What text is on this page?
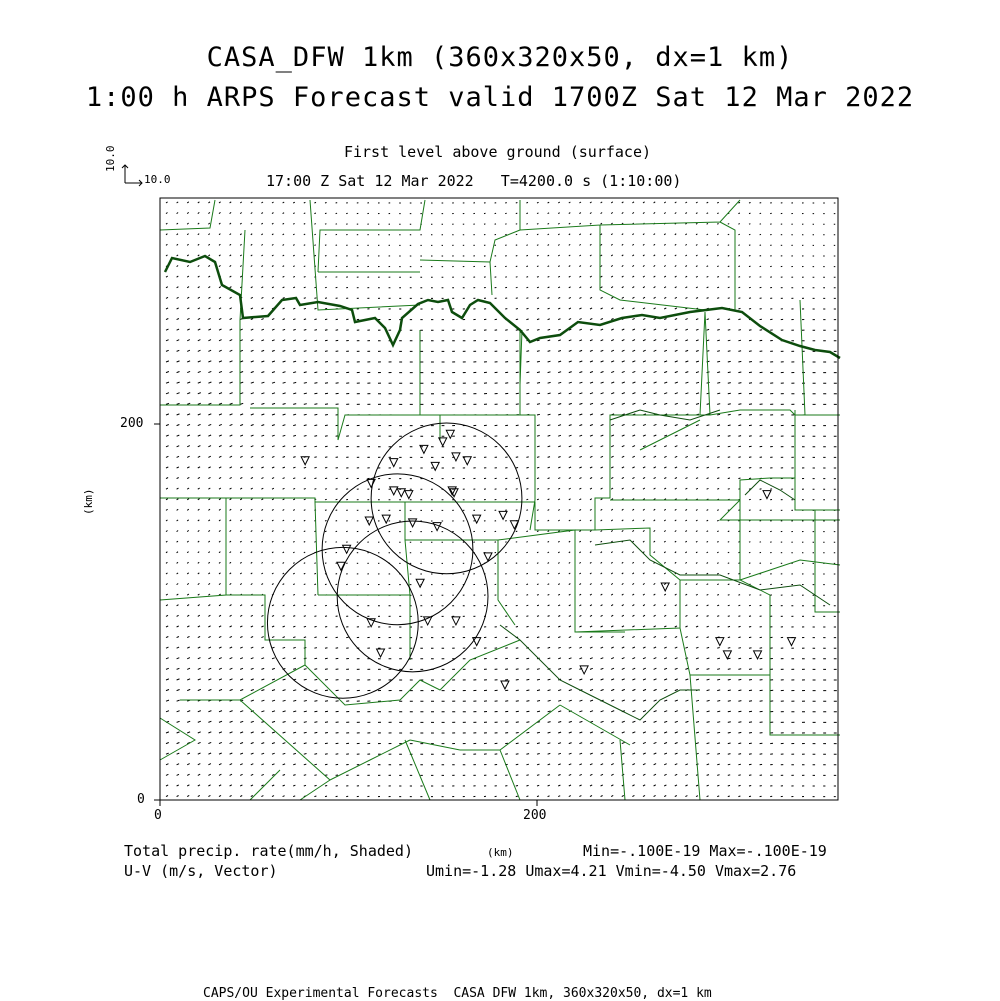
CASA_DFW 1km (360x320x50, dx=1 km)
1:00 h ARPS Forecast valid 1700Z Sat 12 Mar 2022
First level above ground (surface)
17:00 Z Sat 12 Mar 2022   T=4200.0 s (1:10:00)
10.0
10.0
0	200
0
200
(km)
(km)
Total precip. rate(mm/h, Shaded)	Min=-.100E-19 Max=-.100E-19
U-V (m/s, Vector)	Umin=-1.28 Umax=4.21 Vmin=-4.50 Vmax=2.76
CAPS/OU Experimental Forecasts  CASA DFW 1km, 360x320x50, dx=1 km
